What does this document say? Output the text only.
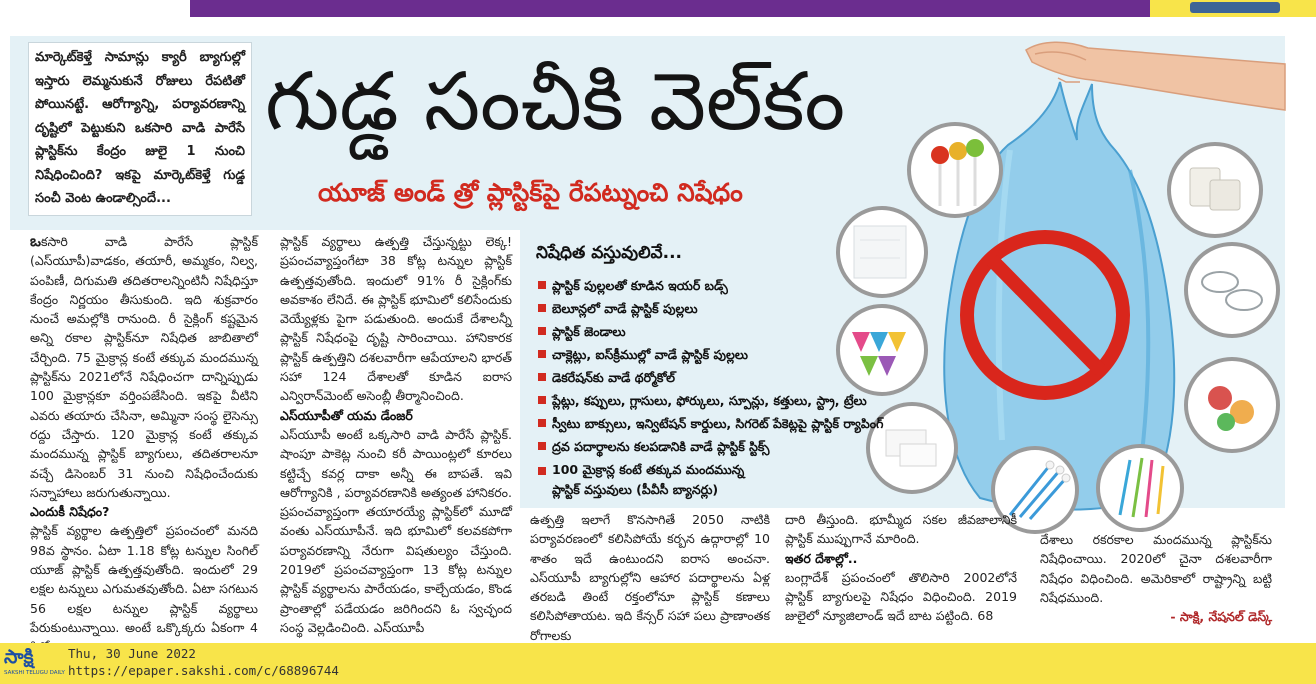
మార్కెట్‌కెళ్తే సామాన్లు క్యారీ బ్యాగుల్లో ఇస్తారు లెమ్మనుకునే రోజులు రేపటితో పోయినట్టే. ఆరోగ్యాన్ని, పర్యావరణాన్ని దృష్టిలో పెట్టుకుని ఒకసారి వాడి పారేసే ప్లాస్టిక్‌ను కేంద్రం జులై 1 నుంచి నిషేధించింది? ఇకపై మార్కెట్‌కెళ్తే గుడ్డ సంచీ వెంట ఉండాల్సిందే...
గుడ్డ సంచీకి వెల్‌కం
యూజ్ అండ్ త్రో ప్లాస్టిక్‌పై రేపట్నుంచి నిషేధం
నిషేధిత వస్తువులివే...
ప్లాస్టిక్ పుల్లలతో కూడిన ఇయర్ బడ్స్
బెలూన్లలో వాడే ప్లాస్టిక్ పుల్లలు
ప్లాస్టిక్ జెండాలు
చాక్లెట్లు, ఐస్‌క్రీముల్లో వాడే ప్లాస్టిక్ పుల్లలు
డెకరేషన్‌కు వాడే థర్మోకోల్
ప్లేట్లు, కప్పులు, గ్లాసులు, ఫోర్కులు, స్పూన్లు, కత్తులు, స్ట్రా, ట్రేలు
స్వీటు బాక్సులు, ఇన్విటేషన్ కార్డులు, సిగరెట్ పేకెట్లపై ప్లాస్టిక్ ర్యాపింగ్
ద్రవ పదార్థాలను కలపడానికి వాడే ప్లాస్టిక్ స్టిక్స్
100 మైక్రాన్ల కంటే తక్కువ మందమున్న ప్లాస్టిక్ వస్తువులు (పీవీసీ బ్యానర్లు)

ఒకసారి వాడి పారేసే ప్లాస్టిక్ (ఎస్‌యూపీ)వాడకం, తయారీ, అమ్మకం, నిల్వ, పంపిణీ, దిగుమతి తదితరాలన్నింటినీ నిషేధిస్తూ కేంద్రం నిర్ణయం తీసుకుంది. ఇది శుక్రవారం నుంచే అమల్లోకి రానుంది. రీ సైక్లింగ్ కష్టమైన అన్ని రకాల ప్లాస్టిక్‌నూ నిషేధిత జాబితాలో చేర్చింది. 75 మైక్రాన్ల కంటే తక్కువ మందమున్న ప్లాస్టిక్‌ను 2021లోనే నిషేధించగా దాన్నిప్పుడు 100 మైక్రాన్లకూ వర్తింపజేసింది. ఇకపై వీటిని ఎవరు తయారు చేసినా, అమ్మినా సంస్థ లైసెన్సు రద్దు చేస్తారు. 120 మైక్రాన్ల కంటే తక్కువ మందమున్న ప్లాస్టిక్ బ్యాగులు, తదితరాలనూ వచ్చే డిసెంబర్ 31 నుంచి నిషేధించేందుకు సన్నాహాలు జరుగుతున్నాయి.

ఎందుకీ నిషేధం?

ప్లాస్టిక్ వ్యర్థాల ఉత్పత్తిలో ప్రపంచంలో మనది 98వ స్థానం. ఏటా 1.18 కోట్ల టన్నుల సింగిల్ యూజ్ ప్లాస్టిక్ ఉత్పత్తవుతోంది. ఇందులో 29 లక్షల టన్నులు ఎగుమతవుతోంది. ఏటా సగటున 56 లక్షల టన్నుల ప్లాస్టిక్ వ్యర్థాలు పేరుకుంటున్నాయి. అంటే ఒక్కొక్కరు ఏకంగా 4

ప్లాస్టిక్ వ్యర్థాలు ఉత్పత్తి చేస్తున్నట్టు లెక్క! ప్రపంచవ్యాప్తంగేటా 38 కోట్ల టన్నుల ప్లాస్టిక్ ఉత్పత్తవుతోంది. ఇందులో 91% రీ సైక్లింగ్‌కు అవకాశం లేనిదే. ఈ ప్లాస్టిక్ భూమిలో కలిసేందుకు వెయ్యేళ్లకు పైగా పడుతుంది. అందుకే దేశాలన్నీ ప్లాస్టిక్ నిషేధంపై దృష్టి సారించాయి. హానికారక ప్లాస్టిక్ ఉత్పత్తిని దశలవారీగా ఆపేయాలని భారత్ సహా 124 దేశాలతో కూడిన ఐరాస ఎన్విరాన్‌మెంట్ అసెంబ్లీ తీర్మానించింది.

ఎస్‌యూపీతో యమ డేంజర్

ఎస్‌యూపీ అంటే ఒక్కసారి వాడి పారేసే ప్లాస్టిక్. షాంపూ పాకెట్ల నుంచి కరీ పాయింట్లలో కూరలు కట్టిచ్చే కవర్ల దాకా అన్నీ ఈ బాపతే. ఇవి ఆరోగ్యానికి , పర్యావరణానికి అత్యంత హానికరం. ప్రపంచవ్యాప్తంగా తయారయ్యే ప్లాస్టిక్‌లో మూడో వంతు ఎస్‌యూపీనే. ఇది భూమిలో కలవకపోగా పర్యావరణాన్ని నేరుగా విషతుల్యం చేస్తుంది. 2019లో ప్రపంచవ్యాప్తంగా 13 కోట్ల టన్నుల ప్లాస్టిక్ వ్యర్థాలను పారేయడం, కాల్చేయడం, కొండ ప్రాంతాల్లో పడేయడం జరిగిందని ఓ స్వచ్ఛంద సంస్థ వెల్లడించింది. ఎస్‌యూపీ

ఉత్పత్తి ఇలాగే కొనసాగితే 2050 నాటికి పర్యావరణంలో కలిసిపోయే కర్బన ఉద్గారాల్లో 10 శాతం ఇదే ఉంటుందని ఐరాస అంచనా. ఎస్‌యూపీ బ్యాగుల్లోని ఆహార పదార్థాలను ఏళ్ల తరబడి తింటే రక్తంలోనూ ప్లాస్టిక్ కణాలు కలిసిపోతాయట. ఇది కేన్సర్ సహా పలు ప్రాణాంతక రోగాలకు

దారి తీస్తుంది. భూమ్మీద సకల జీవజాలానికీ ప్లాస్టిక్ ముప్పుగానే మారింది.

ఇతర దేశాల్లో..

బంగ్లాదేశ్ ప్రపంచంలో తొలిసారి 2002లోనే ప్లాస్టిక్ బ్యాగులపై నిషేధం విధించింది. 2019 జులైలో న్యూజిలాండ్ ఇదే బాట పట్టింది. 68

దేశాలు రకరకాల మందమున్న ప్లాస్టిక్‌ను నిషేధించాయి. 2020లో చైనా దశలవారీగా నిషేధం విధించింది. అమెరికాలో రాష్ట్రాన్ని బట్టి నిషేధముంది.

- సాక్షి, నేషనల్ డెస్క్
సాక్షి
SAKSHI TELUGU DAILY
Thu, 30 June 2022
https://epaper.sakshi.com/c/68896744
